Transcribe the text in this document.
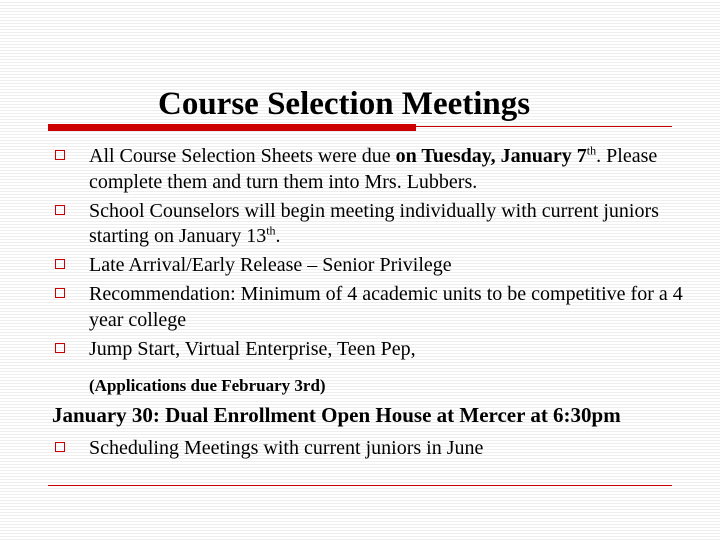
Course Selection Meetings
All Course Selection Sheets were due on Tuesday, January 7th. Please complete them and turn them into Mrs. Lubbers.
School Counselors will begin meeting individually with current juniors starting on January 13th.
Late Arrival/Early Release – Senior Privilege
Recommendation: Minimum of 4 academic units to be competitive for a 4 year college
Jump Start, Virtual Enterprise, Teen Pep,
(Applications due February 3rd)
January 30: Dual Enrollment Open House at Mercer at 6:30pm
Scheduling Meetings with current juniors in June
